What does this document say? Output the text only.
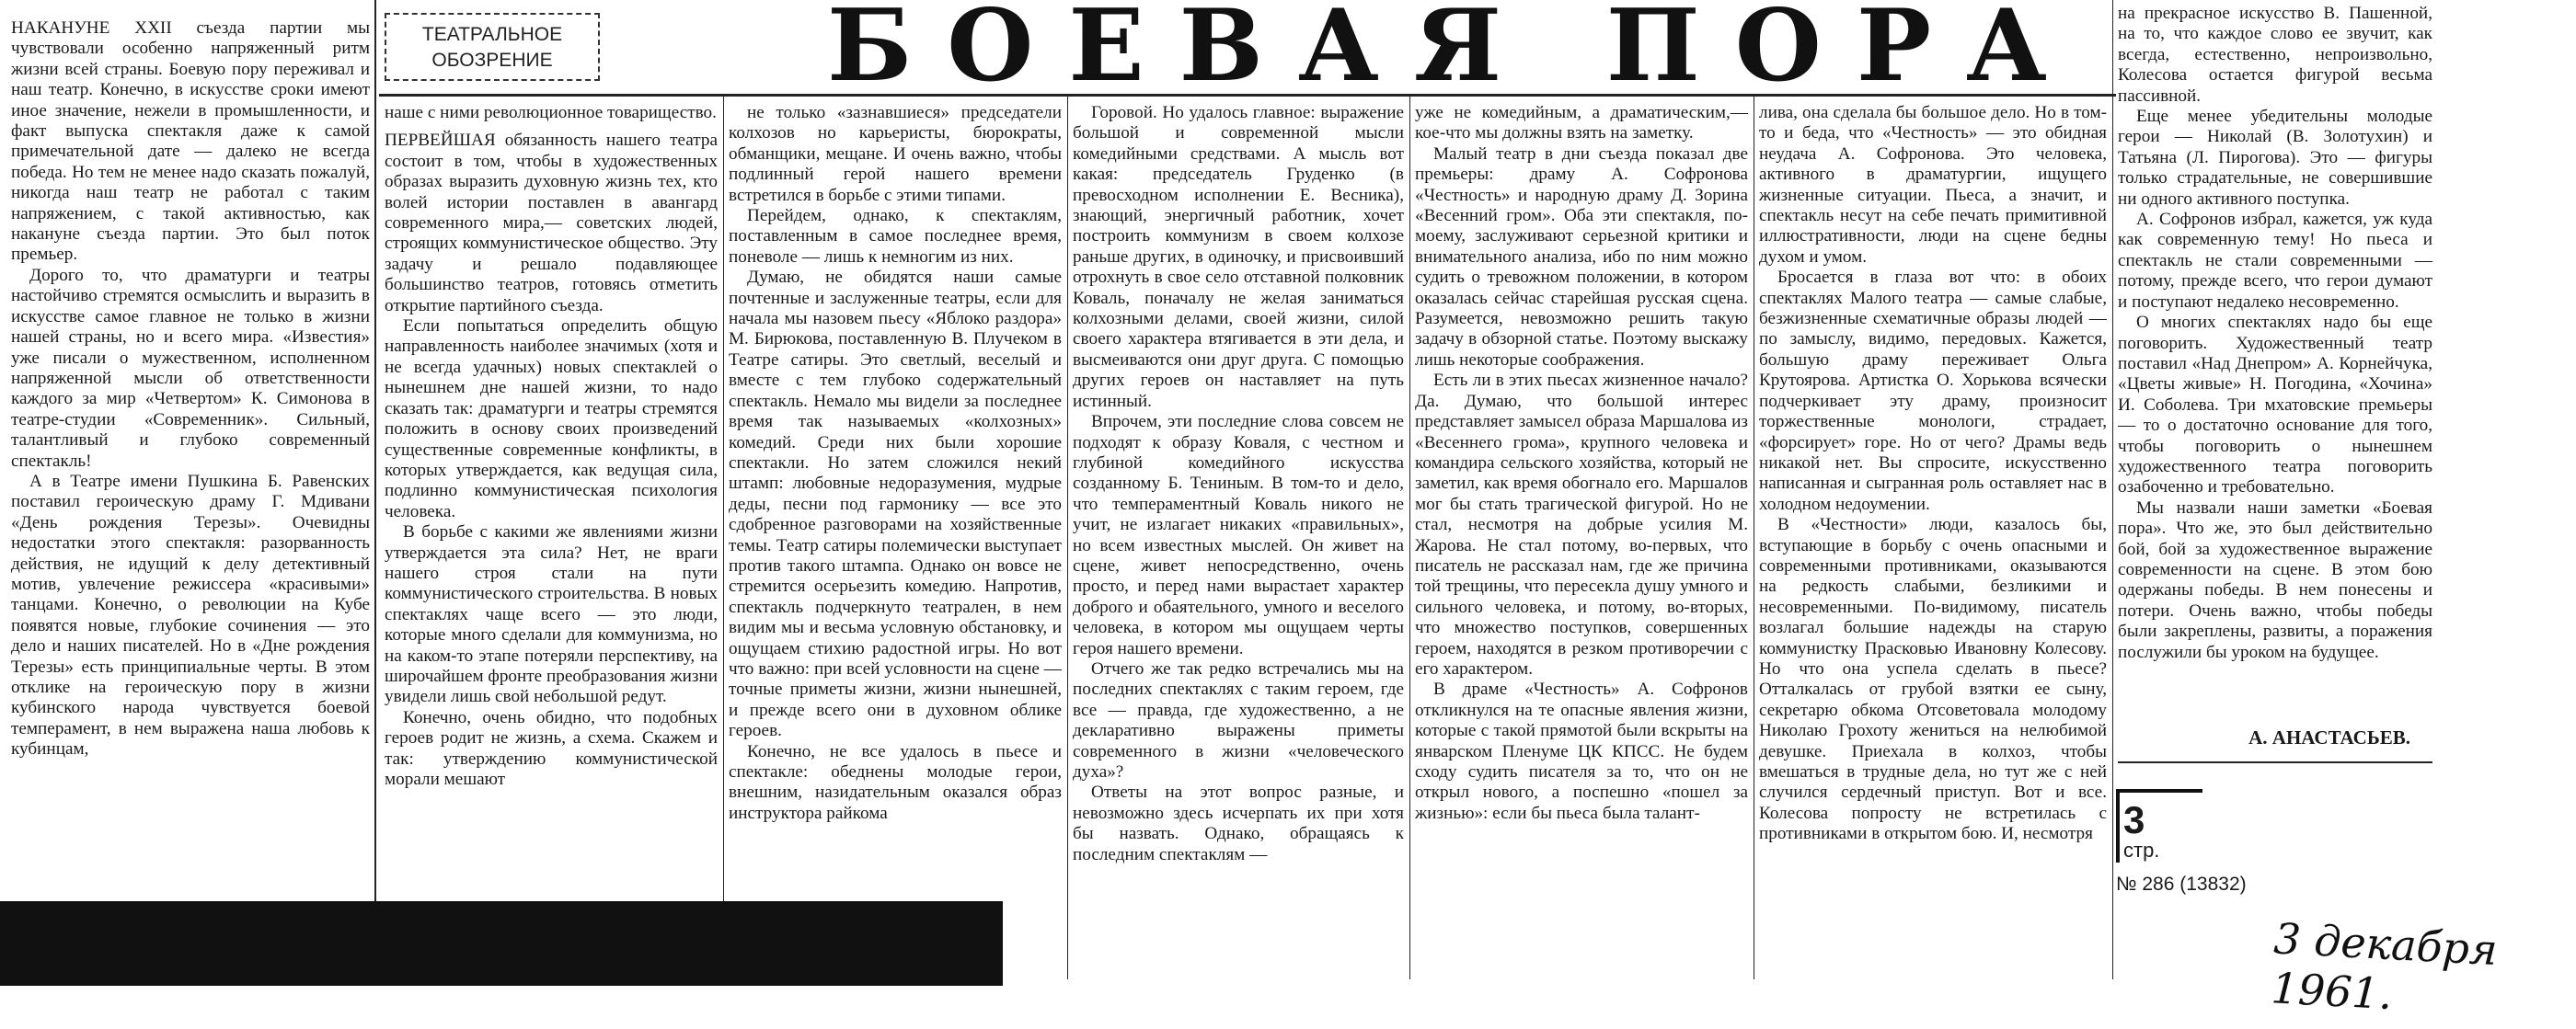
НАКАНУНЕ XXII съезда партии мы чувствовали особенно напряженный ритм жизни всей страны. Боевую пору переживал и наш театр. Конечно, в искусстве сроки имеют иное значение, нежели в промышленности, и факт выпуска спектакля даже к самой примечательной дате — далеко не всегда победа. Но тем не менее надо сказать пожалуй, никогда наш театр не работал с таким напряжением, с такой активностью, как накануне съезда партии. Это был поток премьер.

Дорого то, что драматурги и театры настойчиво стремятся осмыслить и выразить в искусстве самое главное не только в жизни нашей страны, но и всего мира. «Известия» уже писали о мужественном, исполненном напряженной мысли об ответственности каждого за мир «Четвертом» К. Симонова в театре-студии «Современник». Сильный, талантливый и глубоко современный спектакль!

А в Театре имени Пушкина Б. Равенских поставил героическую драму Г. Мдивани «День рождения Терезы». Очевидны недостатки этого спектакля: разорванность действия, не идущий к делу детективный мотив, увлечение режиссера «красивыми» танцами. Конечно, о революции на Кубе появятся новые, глубокие сочинения — это дело и наших писателей. Но в «Дне рождения Терезы» есть принципиальные черты. В этом отклике на героическую пору в жизни кубинского народа чувствуется боевой темперамент, в нем выражена наша любовь к кубинцам,

ТЕАТРАЛЬНОЕ
ОБОЗРЕНИЕ	БОЕВАЯ ПОРА

наше с ними революционное товарищество.

ПЕРВЕЙШАЯ обязанность нашего театра состоит в том, чтобы в художественных образах выразить духовную жизнь тех, кто волей истории поставлен в авангард современного мира,— советских людей, строящих коммунистическое общество. Эту задачу и решало подавляющее большинство театров, готовясь отметить открытие партийного съезда.

Если попытаться определить общую направленность наиболее значимых (хотя и не всегда удачных) новых спектаклей о нынешнем дне нашей жизни, то надо сказать так: драматурги и театры стремятся положить в основу своих произведений существенные современные конфликты, в которых утверждается, как ведущая сила, подлинно коммунистическая психология человека.

В борьбе с какими же явлениями жизни утверждается эта сила? Нет, не враги нашего строя стали на пути коммунистического строительства. В новых спектаклях чаще всего — это люди, которые много сделали для коммунизма, но на каком-то этапе потеряли перспективу, на широчайшем фронте преобразования жизни увидели лишь свой небольшой редут.

Конечно, очень обидно, что подобных героев родит не жизнь, а схема. Скажем и так: утверждению коммунистической морали мешают

не только «зазнавшиеся» председатели колхозов но карьеристы, бюрократы, обманщики, мещане. И очень важно, чтобы подлинный герой нашего времени встретился в борьбе с этими типами.

Перейдем, однако, к спектаклям, поставленным в самое последнее время, поневоле — лишь к немногим из них.

Думаю, не обидятся наши самые почтенные и заслуженные театры, если для начала мы назовем пьесу «Яблоко раздора» М. Бирюкова, поставленную В. Плучеком в Театре сатиры. Это светлый, веселый и вместе с тем глубоко содержательный спектакль. Немало мы видели за последнее время так называемых «колхозных» комедий. Среди них были хорошие спектакли. Но затем сложился некий штамп: любовные недоразумения, мудрые деды, песни под гармонику — все это сдобренное разговорами на хозяйственные темы. Театр сатиры полемически выступает против такого штампа. Однако он вовсе не стремится осерьезить комедию. Напротив, спектакль подчеркнуто театрален, в нем видим мы и весьма условную обстановку, и ощущаем стихию радостной игры. Но вот что важно: при всей условности на сцене — точные приметы жизни, жизни нынешней, и прежде всего они в духовном облике героев.

Конечно, не все удалось в пьесе и спектакле: обеднены молодые герои, внешним, назидательным оказался образ инструктора райкома

Горовой. Но удалось главное: выражение большой и современной мысли комедийными средствами. А мысль вот какая: председатель Груденко (в превосходном исполнении Е. Весника), знающий, энергичный работник, хочет построить коммунизм в своем колхозе раньше других, в одиночку, и присвоивший отрохнуть в свое село отставной полковник Коваль, поначалу не желая заниматься колхозными делами, своей жизни, силой своего характера втягивается в эти дела, и высмеиваются они друг друга. С помощью других героев он наставляет на путь истинный.

Впрочем, эти последние слова совсем не подходят к образу Коваля, с честном и глубиной комедийного искусства созданному Б. Тениным. В том-то и дело, что темпераментный Коваль никого не учит, не излагает никаких «правильных», но всем известных мыслей. Он живет на сцене, живет непосредственно, очень просто, и перед нами вырастает характер доброго и обаятельного, умного и веселого человека, в котором мы ощущаем черты героя нашего времени.

Отчего же так редко встречались мы на последних спектаклях с таким героем, где все — правда, где художественно, а не декларативно выражены приметы современного в жизни «человеческого духа»?

Ответы на этот вопрос разные, и невозможно здесь исчерпать их при хотя бы назвать. Однако, обращаясь к последним спектаклям —

уже не комедийным, а драматическим,— кое-что мы должны взять на заметку.

Малый театр в дни съезда показал две премьеры: драму А. Софронова «Честность» и народную драму Д. Зорина «Весенний гром». Оба эти спектакля, по-моему, заслуживают серьезной критики и внимательного анализа, ибо по ним можно судить о тревожном положении, в котором оказалась сейчас старейшая русская сцена. Разумеется, невозможно решить такую задачу в обзорной статье. Поэтому выскажу лишь некоторые соображения.

Есть ли в этих пьесах жизненное начало? Да. Думаю, что большой интерес представляет замысел образа Маршалова из «Весеннего грома», крупного человека и командира сельского хозяйства, который не заметил, как время обогнало его. Маршалов мог бы стать трагической фигурой. Но не стал, несмотря на добрые усилия М. Жарова. Не стал потому, во-первых, что писатель не рассказал нам, где же причина той трещины, что пересекла душу умного и сильного человека, и потому, во-вторых, что множество поступков, совершенных героем, находятся в резком противоречии с его характером.

В драме «Честность» А. Софронов откликнулся на те опасные явления жизни, которые с такой прямотой были вскрыты на январском Пленуме ЦК КПСС. Не будем сходу судить писателя за то, что он не открыл нового, а поспешно «пошел за жизнью»: если бы пьеса была талант-

лива, она сделала бы большое дело. Но в том-то и беда, что «Честность» — это обидная неудача А. Софронова. Это человека, активного в драматургии, ищущего жизненные ситуации. Пьеса, а значит, и спектакль несут на себе печать примитивной иллюстративности, люди на сцене бедны духом и умом.

Бросается в глаза вот что: в обоих спектаклях Малого театра — самые слабые, безжизненные схематичные образы людей — по замыслу, видимо, передовых. Кажется, большую драму переживает Ольга Крутоярова. Артистка О. Хорькова всячески подчеркивает эту драму, произносит торжественные монологи, страдает, «форсирует» горе. Но от чего? Драмы ведь никакой нет. Вы спросите, искусственно написанная и сыгранная роль оставляет нас в холодном недоумении.

В «Честности» люди, казалось бы, вступающие в борьбу с очень опасными и современными противниками, оказываются на редкость слабыми, безликими и несовременными. По-видимому, писатель возлагал большие надежды на старую коммунистку Прасковью Ивановну Колесову. Но что она успела сделать в пьесе? Отталкалась от грубой взятки ее сыну, секретарю обкома Отсоветовала молодому Николаю Грохоту жениться на нелюбимой девушке. Приехала в колхоз, чтобы вмешаться в трудные дела, но тут же с ней случился сердечный приступ. Вот и все. Колесова попросту не встретилась с противниками в открытом бою. И, несмотря

на прекрасное искусство В. Пашенной, на то, что каждое слово ее звучит, как всегда, естественно, непроизвольно, Колесова остается фигурой весьма пассивной.

Еще менее убедительны молодые герои — Николай (В. Золотухин) и Татьяна (Л. Пирогова). Это — фигуры только страдательные, не совершившие ни одного активного поступка.

А. Софронов избрал, кажется, уж куда как современную тему! Но пьеса и спектакль не стали современными — потому, прежде всего, что герои думают и поступают недалеко несовременно.

О многих спектаклях надо бы еще поговорить. Художественный театр поставил «Над Днепром» А. Корнейчука, «Цветы живые» Н. Погодина, «Хочина» И. Соболева. Три мхатовские премьеры — то о достаточно основание для того, чтобы поговорить о нынешнем художественного театра поговорить озабоченно и требовательно.

Мы назвали наши заметки «Боевая пора». Что же, это был действительно бой, бой за художественное выражение современности на сцене. В этом бою одержаны победы. В нем понесены и потери. Очень важно, чтобы победы были закреплены, развиты, а поражения послужили бы уроком на будущее.

А. АНАСТАСЬЕВ.
3
стр.
№ 286 (13832)
3 декабря 1961.
